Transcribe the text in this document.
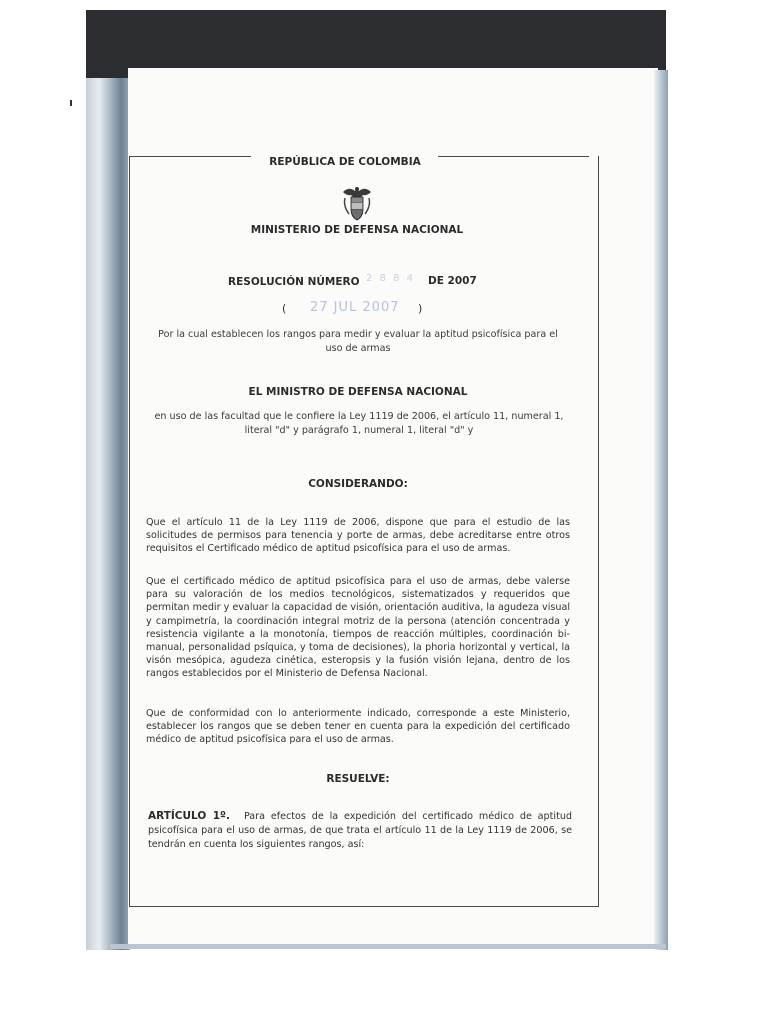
REPÚBLICA DE COLOMBIA
MINISTERIO DE DEFENSA NACIONAL
RESOLUCIÓN NÚMERO 2 8 8 4 DE 2007
( 27 JUL 2007 )
Por la cual establecen los rangos para medir y evaluar la aptitud psicofísica para el uso de armas
EL MINISTRO DE DEFENSA NACIONAL
en uso de las facultad que le confiere la Ley 1119 de 2006, el artículo 11, numeral 1, literal "d" y parágrafo 1, numeral 1, literal "d" y
CONSIDERANDO:
Que el artículo 11 de la Ley 1119 de 2006, dispone que para el estudio de las solicitudes de permisos para tenencia y porte de armas, debe acreditarse entre otros requisitos el Certificado médico de aptitud psicofísica para el uso de armas.
Que el certificado médico de aptitud psicofísica para el uso de armas, debe valerse para su valoración de los medios tecnológicos, sistematizados y requeridos que permitan medir y evaluar la capacidad de visión, orientación auditiva, la agudeza visual y campimetría, la coordinación integral motriz de la persona (atención concentrada y resistencia vigilante a la monotonía, tiempos de reacción múltiples, coordinación bi-manual, personalidad psíquica, y toma de decisiones), la phoria horizontal y vertical, la visón mesópica, agudeza cinética, esteropsis y la fusión visión lejana, dentro de los rangos establecidos por el Ministerio de Defensa Nacional.
Que de conformidad con lo anteriormente indicado, corresponde a este Ministerio, establecer los rangos que se deben tener en cuenta para la expedición del certificado médico de aptitud psicofísica para el uso de armas.
RESUELVE:
ARTÍCULO 1º. Para efectos de la expedición del certificado médico de aptitud psicofísica para el uso de armas, de que trata el artículo 11 de la Ley 1119 de 2006, se tendrán en cuenta los siguientes rangos, así:
